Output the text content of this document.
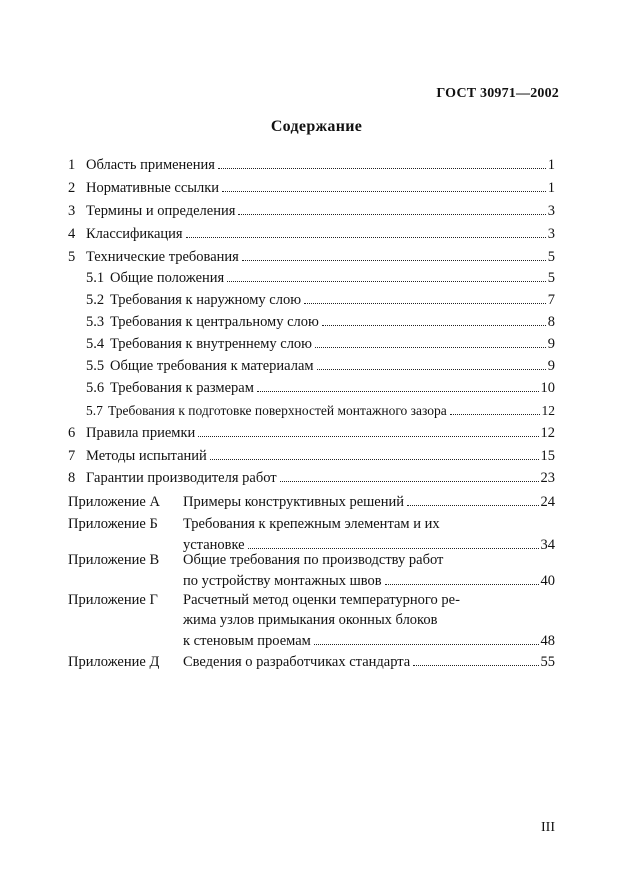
ГОСТ 30971—2002
Содержание
1 Область применения	1
2 Нормативные ссылки	1
3 Термины и определения	3
4 Классификация	3
5 Технические требования	5
5.1 Общие положения	5
5.2 Требования к наружному слою	7
5.3 Требования к центральному слою	8
5.4 Требования к внутреннему слою	9
5.5 Общие требования к материалам	9
5.6 Требования к размерам	10
5.7 Требования к подготовке поверхностей монтажного зазора	12
6 Правила приемки	12
7 Методы испытаний	15
8 Гарантии производителя работ	23
Приложение А Примеры конструктивных решений	24
Приложение Б Требования к крепежным элементам и их
установке	34
Приложение В Общие требования по производству работ
по устройству монтажных швов	40
Приложение Г Расчетный метод оценки температурного ре-
жима узлов примыкания оконных блоков
к стеновым проемам	48
Приложение Д Сведения о разработчиках стандарта	55
III
